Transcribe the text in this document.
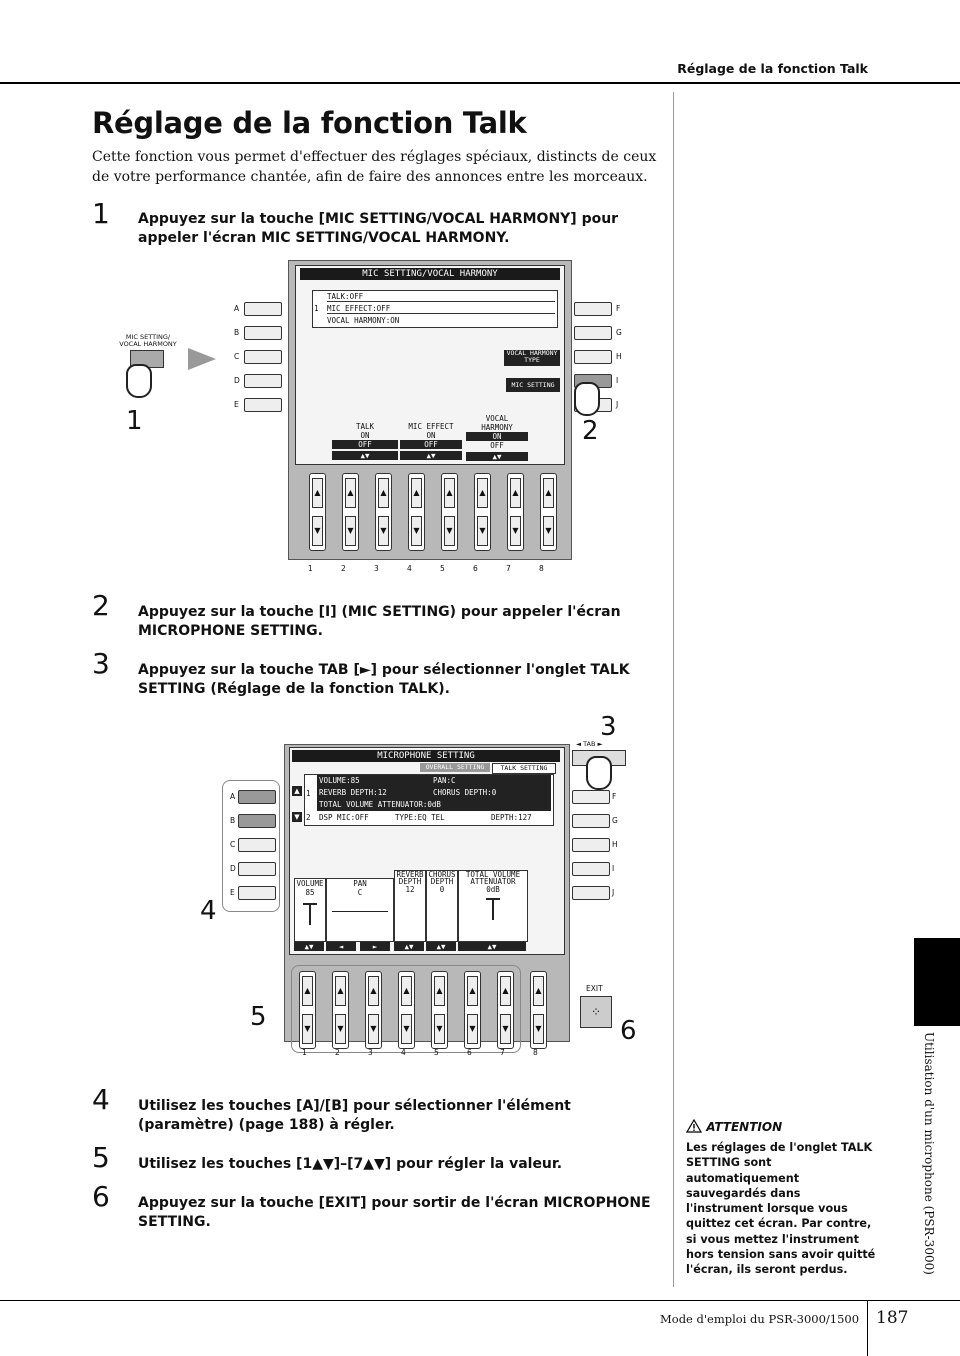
Réglage de la fonction Talk
Réglage de la fonction Talk
Cette fonction vous permet d'effectuer des réglages spéciaux, distincts de ceux de votre performance chantée, afin de faire des annonces entre les morceaux.
1 Appuyez sur la touche [MIC SETTING/VOCAL HARMONY] pour appeler l'écran MIC SETTING/VOCAL HARMONY.
MIC SETTING/
VOCAL HARMONY
1
A
B
C
D
E
MIC SETTING/VOCAL HARMONY
TALK:OFF
1 MIC EFFECT:OFF
VOCAL HARMONY:ON
VOCAL HARMONY
TYPE
MIC SETTING
TALK
ON
OFF
▲▼
MIC EFFECT
ON
OFF
▲▼
VOCAL
HARMONY
ON
OFF
▲▼
▲
▼
▲
▼
▲
▼
▲
▼
▲
▼
▲
▼
▲
▼
▲
▼
1	2	3	4	5	6	7	8
F
G
H
I
J
2
2 Appuyez sur la touche [I] (MIC SETTING) pour appeler l'écran MICROPHONE SETTING.
3 Appuyez sur la touche TAB [►] pour sélectionner l'onglet TALK SETTING (Réglage de la fonction TALK).
3
◄ TAB ►
A
B
C
D
E
4
MICROPHONE SETTING
OVERALL SETTING	TALK SETTING
▲
▼
1
VOLUME:85	PAN:C
REVERB DEPTH:12	CHORUS DEPTH:0
TOTAL VOLUME ATTENUATOR:0dB
2 DSP MIC:OFF	TYPE:EQ TEL	DEPTH:127
VOLUME
85
PAN
C
REVERB DEPTH
12
CHORUS DEPTH
0
TOTAL VOLUME ATTENUATOR
0dB
▲▼	◄	►	▲▼	▲▼	▲▼
▲
▼
▲
▼
▲
▼
▲
▼
▲
▼
▲
▼
▲
▼
▲
▼
5
1	2	3	4	5	6	7	8
F
G
H
I
J
EXIT
⁘
6
4 Utilisez les touches [A]/[B] pour sélectionner l'élément (paramètre) (page 188) à régler.
5 Utilisez les touches [1▲▼]–[7▲▼] pour régler la valeur.
6 Appuyez sur la touche [EXIT] pour sortir de l'écran MICROPHONE SETTING.
ATTENTION
Les réglages de l'onglet TALK SETTING sont automatiquement sauvegardés dans l'instrument lorsque vous quittez cet écran. Par contre, si vous mettez l'instrument hors tension sans avoir quitté l'écran, ils seront perdus.	Utilisation d'un microphone (PSR-3000)
Mode d'emploi du PSR-3000/1500 187
